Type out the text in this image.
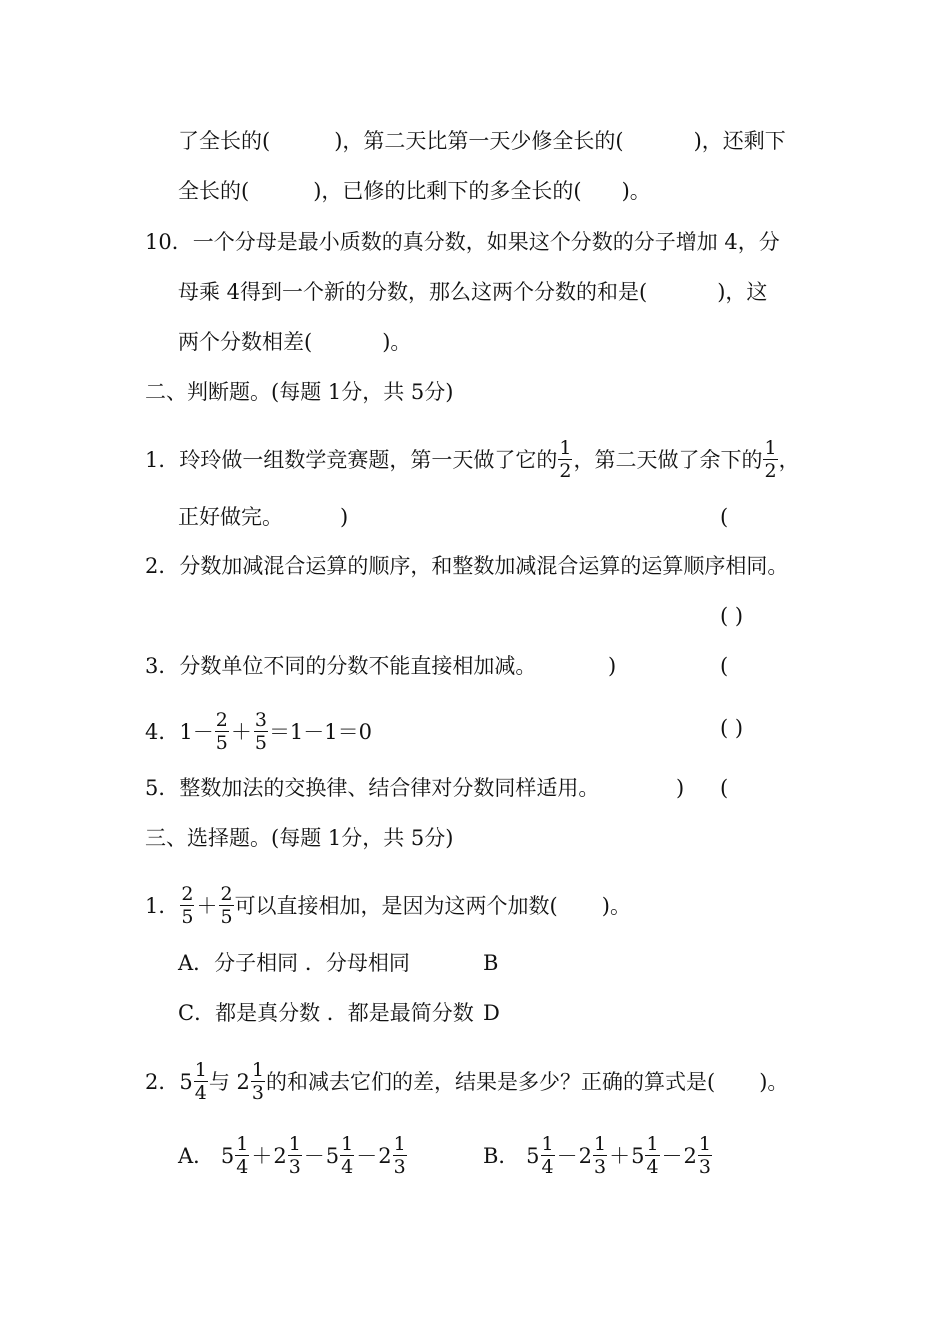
了全长的(	)，第二天比第一天少修全长的(	)，还剩下
全长的(	)，已修的比剩下的多全长的( )。
10．一个分母是最小质数的真分数，如果这个分数的分子增加 4，分
母乘 4得到一个新的分数，那么这两个分数的和是(	)，这
两个分数相差(	)。
二、判断题。(每题 1分，共 5分)
1．玲玲做一组数学竞赛题，第一天做了它的 $\frac{1}{2}$ ，第二天做了余下的 $\frac{1}{2}$ ，
正好做完。	)	(
2．分数加减混合运算的顺序，和整数加减混合运算的运算顺序相同。
( )
3．分数单位不同的分数不能直接相加减。	)	(
4．$1- \frac{2}{5} + \frac{3}{5} =1-1=0$	( )
5．整数加法的交换律、结合律对分数同样适用。	) (
三、选择题。(每题 1分，共 5分)
1． $\frac{2}{5} + \frac{2}{5}$ 可以直接相加，是因为这两个加数( )。
A．分子相同 ．分母相同	B
C．都是真分数 ．都是最简分数 D
2．$5 \frac{1}{4}$ 与 $2 \frac{1}{3}$ 的和减去它们的差，结果是多少？正确的算式是( )。
A． $5 \frac{1}{4} +2 \frac{1}{3} -5 \frac{1}{4} -2 \frac{1}{3}$	B． $5 \frac{1}{4} -2 \frac{1}{3} +5 \frac{1}{4} -2 \frac{1}{3}$
